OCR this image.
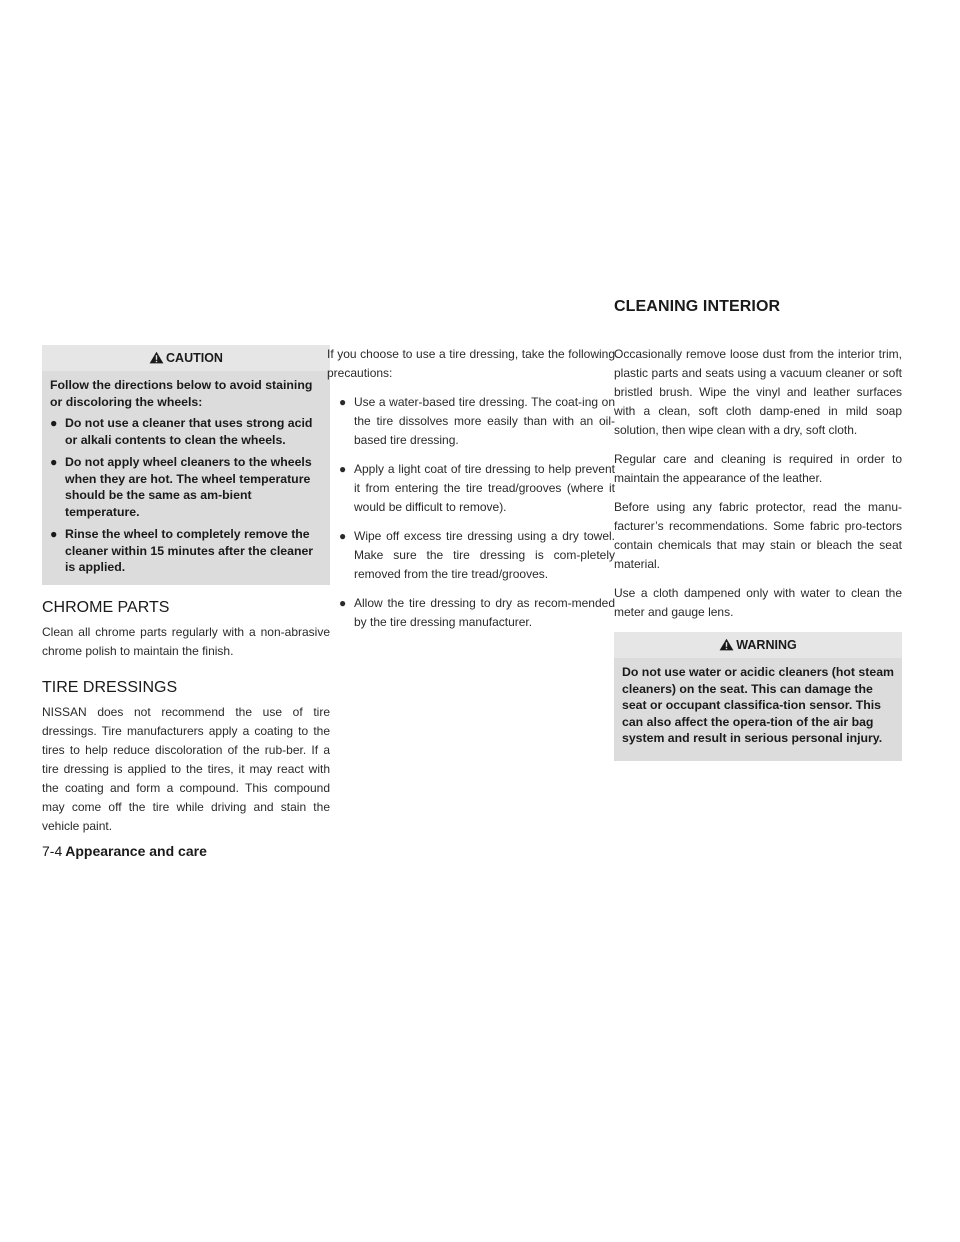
CLEANING INTERIOR
CAUTION

Follow the directions below to avoid staining or discoloring the wheels:

● Do not use a cleaner that uses strong acid or alkali contents to clean the wheels.
● Do not apply wheel cleaners to the wheels when they are hot. The wheel temperature should be the same as am-bient temperature.
● Rinse the wheel to completely remove the cleaner within 15 minutes after the cleaner is applied.
CHROME PARTS

Clean all chrome parts regularly with a non-abrasive chrome polish to maintain the finish.

TIRE DRESSINGS

NISSAN does not recommend the use of tire dressings. Tire manufacturers apply a coating to the tires to help reduce discoloration of the rub-ber. If a tire dressing is applied to the tires, it may react with the coating and form a compound. This compound may come off the tire while driving and stain the vehicle paint.

If you choose to use a tire dressing, take the following precautions:

● Use a water-based tire dressing. The coat-ing on the tire dissolves more easily than with an oil-based tire dressing.
● Apply a light coat of tire dressing to help prevent it from entering the tire tread/grooves (where it would be difficult to remove).
● Wipe off excess tire dressing using a dry towel. Make sure the tire dressing is com-pletely removed from the tire tread/grooves.
● Allow the tire dressing to dry as recom-mended by the tire dressing manufacturer.

Occasionally remove loose dust from the interior trim, plastic parts and seats using a vacuum cleaner or soft bristled brush. Wipe the vinyl and leather surfaces with a clean, soft cloth damp-ened in mild soap solution, then wipe clean with a dry, soft cloth.

Regular care and cleaning is required in order to maintain the appearance of the leather.

Before using any fabric protector, read the manu-facturer’s recommendations. Some fabric pro-tectors contain chemicals that may stain or bleach the seat material.

Use a cloth dampened only with water to clean the meter and gauge lens.

WARNING

Do not use water or acidic cleaners (hot steam cleaners) on the seat. This can damage the seat or occupant classifica-tion sensor. This can also affect the opera-tion of the air bag system and result in serious personal injury.

7-4 Appearance and care
